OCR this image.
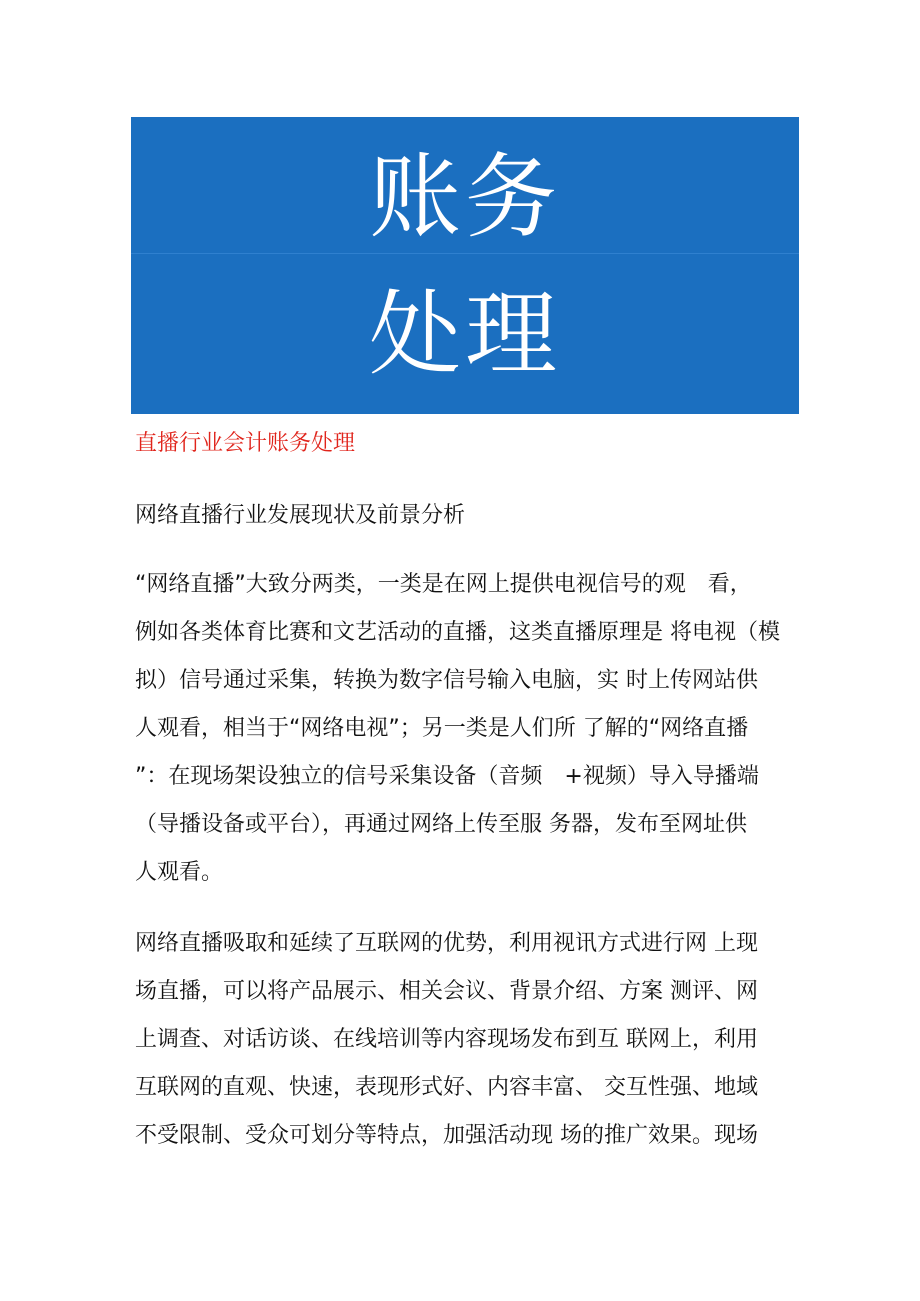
账务
处理
直播行业会计账务处理
网络直播行业发展现状及前景分析
“网络直播”大致分两类，一类是在网上提供电视信号的观　看，
例如各类体育比赛和文艺活动的直播，这类直播原理是 将电视（模
拟）信号通过采集，转换为数字信号输入电脑，实 时上传网站供
人观看，相当于“网络电视”；另一类是人们所 了解的“网络直播
”：在现场架设独立的信号采集设备（音频　+视频）导入导播端
（导播设备或平台），再通过网络上传至服 务器，发布至网址供
人观看。
网络直播吸取和延续了互联网的优势，利用视讯方式进行网 上现
场直播，可以将产品展示、相关会议、背景介绍、方案 测评、网
上调查、对话访谈、在线培训等内容现场发布到互 联网上，利用
互联网的直观、快速，表现形式好、内容丰富、 交互性强、地域
不受限制、受众可划分等特点，加强活动现 场的推广效果。现场
